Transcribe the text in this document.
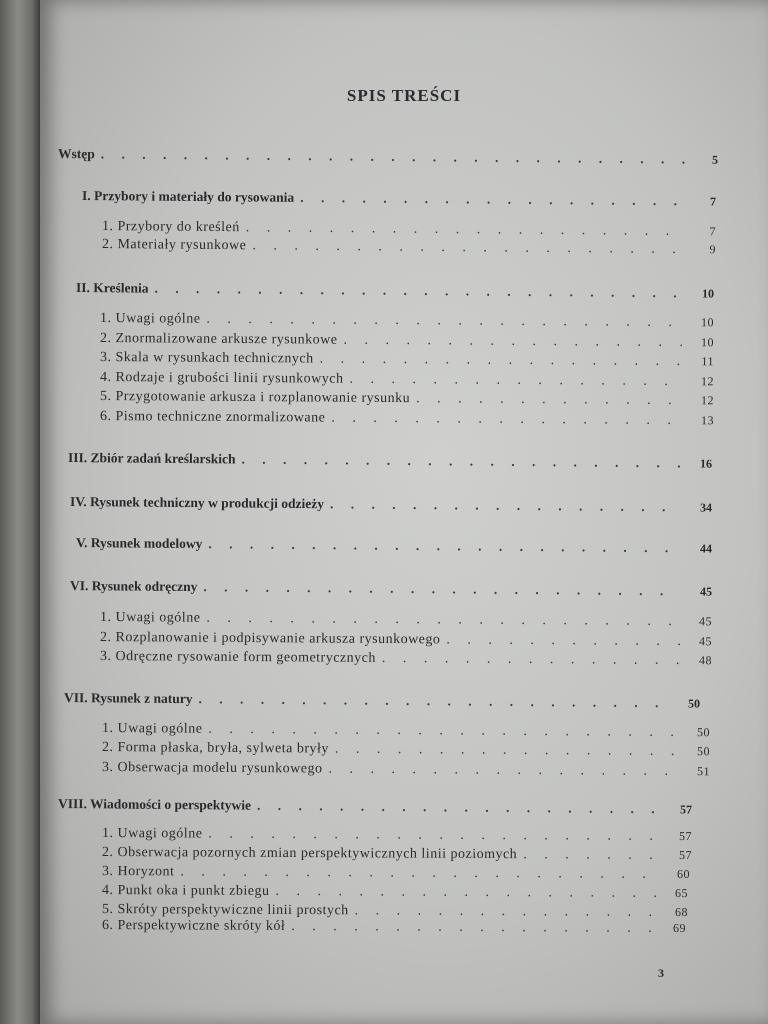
SPIS TREŚCI
Wstęp . . .	5
I. Przybory i materiały do rysowania . . .	7
1. Przybory do kreśleń . . .	7
2. Materiały rysunkowe . . .	9
II. Kreślenia . . .	10
1. Uwagi ogólne . . .	10
2. Znormalizowane arkusze rysunkowe . . .	10
3. Skala w rysunkach technicznych . . .	11
4. Rodzaje i grubości linii rysunkowych . . .	12
5. Przygotowanie arkusza i rozplanowanie rysunku . . .	12
6. Pismo techniczne znormalizowane . . .	13
III. Zbiór zadań kreślarskich . . .	16
IV. Rysunek techniczny w produkcji odzieży . . .	34
V. Rysunek modelowy . . .	44
VI. Rysunek odręczny . . .	45
1. Uwagi ogólne . . .	45
2. Rozplanowanie i podpisywanie arkusza rysunkowego . . .	45
3. Odręczne rysowanie form geometrycznych . . .	48
VII. Rysunek z natury . . .	50
1. Uwagi ogólne . . .	50
2. Forma płaska, bryła, sylweta bryły . . .	50
3. Obserwacja modelu rysunkowego . . .	51
VIII. Wiadomości o perspektywie . . .	57
1. Uwagi ogólne . . .	57
2. Obserwacja pozornych zmian perspektywicznych linii poziomych . . .	57
3. Horyzont . . .	60
4. Punkt oka i punkt zbiegu . . .	65
5. Skróty perspektywiczne linii prostych . . .	68
6. Perspektywiczne skróty kół . . .	69
3
